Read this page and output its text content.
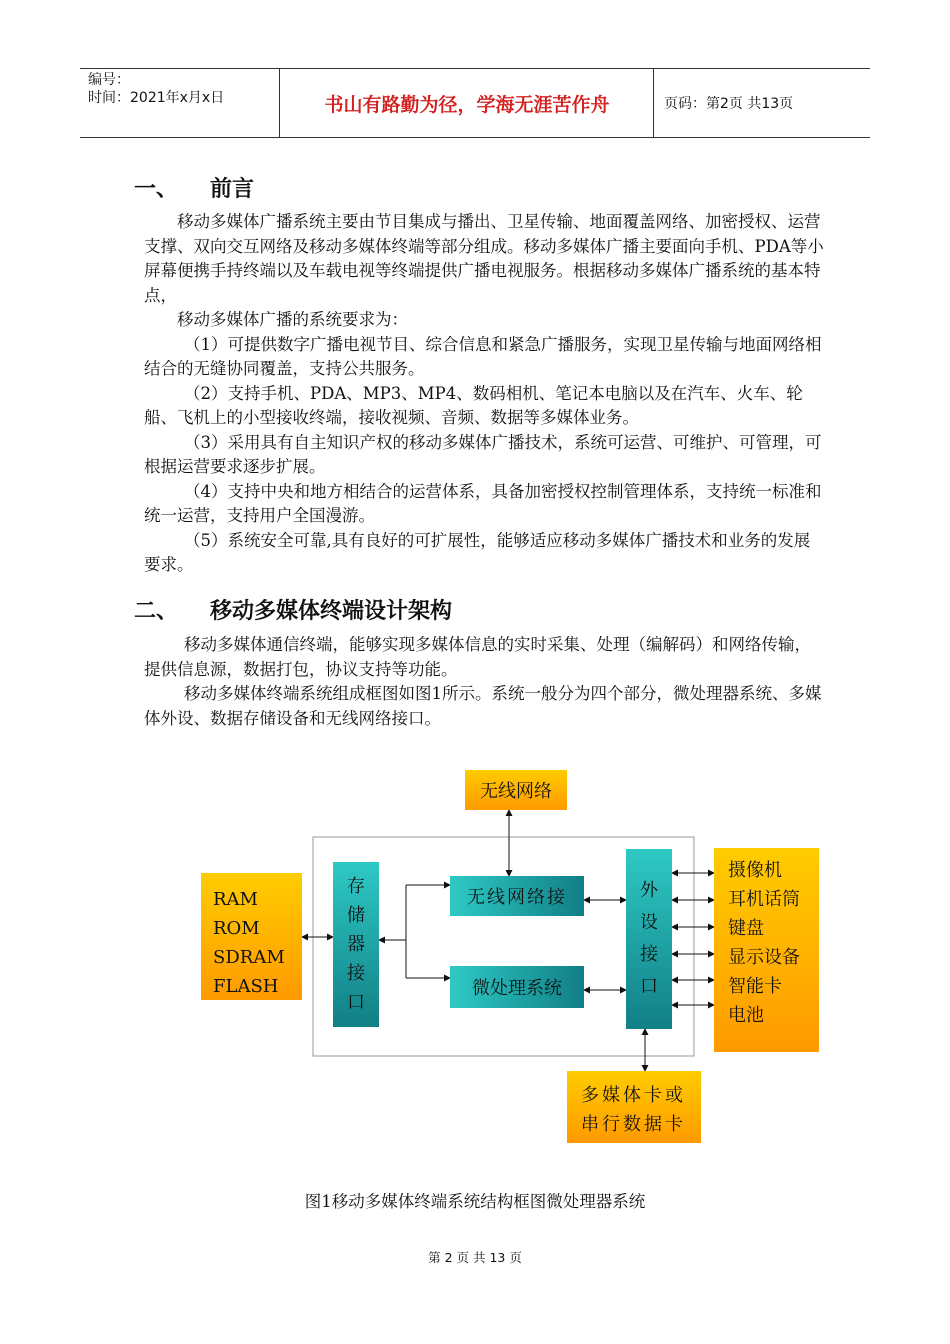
编号：
时间：2021年x月x日	书山有路勤为径，学海无涯苦作舟	页码：第2页 共13页
一、 前言

移动多媒体广播系统主要由节目集成与播出、卫星传输、地面覆盖网络、加密授权、运营支撑、双向交互网络及移动多媒体终端等部分组成。移动多媒体广播主要面向手机、PDA等小屏幕便携手持终端以及车载电视等终端提供广播电视服务。根据移动多媒体广播系统的基本特点，

移动多媒体广播的系统要求为：

（1）可提供数字广播电视节目、综合信息和紧急广播服务，实现卫星传输与地面网络相结合的无缝协同覆盖，支持公共服务。

（2）支持手机、PDA、MP3、MP4、数码相机、笔记本电脑以及在汽车、火车、轮船、飞机上的小型接收终端，接收视频、音频、数据等多媒体业务。

（3）采用具有自主知识产权的移动多媒体广播技术，系统可运营、可维护、可管理，可根据运营要求逐步扩展。

（4）支持中央和地方相结合的运营体系，具备加密授权控制管理体系，支持统一标准和统一运营，支持用户全国漫游。

（5）系统安全可靠,具有良好的可扩展性，能够适应移动多媒体广播技术和业务的发展要求。

二、 移动多媒体终端设计架构

移动多媒体通信终端，能够实现多媒体信息的实时采集、处理（编解码）和网络传输，提供信息源，数据打包，协议支持等功能。

移动多媒体终端系统组成框图如图1所示。系统一般分为四个部分，微处理器系统、多媒体外设、数据存储设备和无线网络接口。

无线网络
RAM
ROM
SDRAM
FLASH
存
储
器
接
口
无线网络接
微处理系统
外
设
接
口
摄像机
耳机话筒
键盘
显示设备
智能卡
电池
多媒体卡或
串行数据卡
图1移动多媒体终端系统结构框图微处理器系统
第 2 页 共 13 页
